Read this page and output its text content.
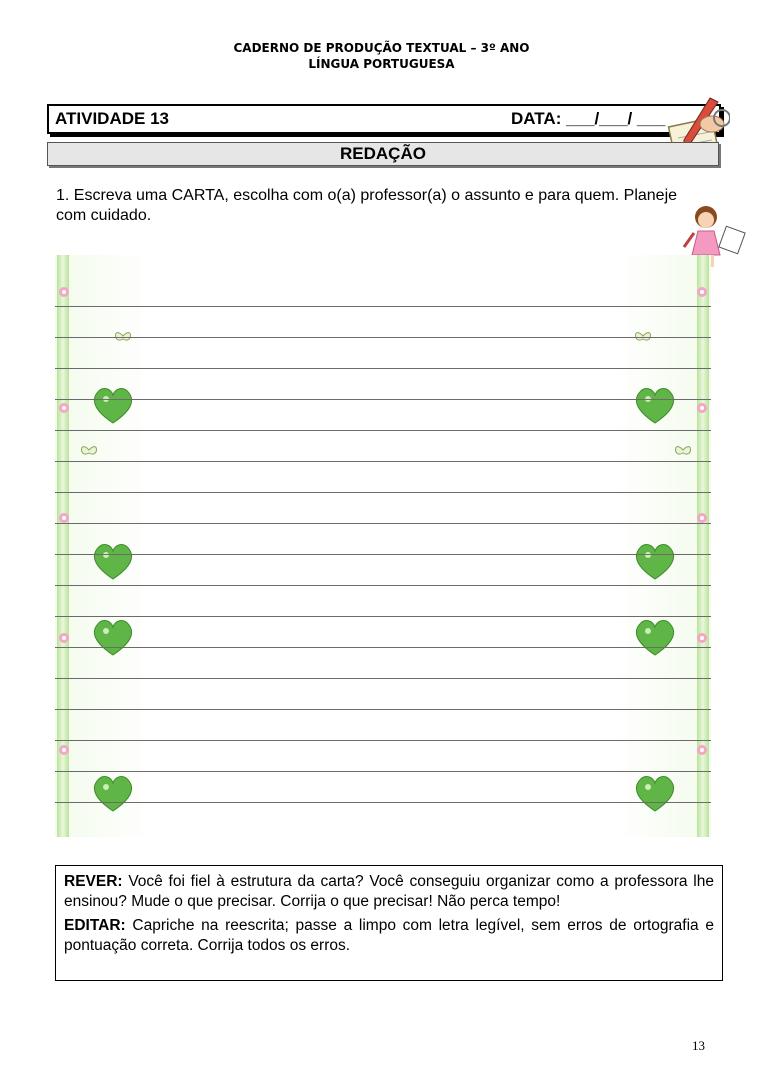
CADERNO DE PRODUÇÃO TEXTUAL – 3º ANO
LÍNGUA PORTUGUESA
ATIVIDADE 13	DATA: ___/___/ ___
REDAÇÃO
1. Escreva uma CARTA, escolha com o(a) professor(a) o assunto e para quem. Planeje com cuidado.

REVER: Você foi fiel à estrutura da carta? Você conseguiu organizar como a professora lhe ensinou? Mude o que precisar. Corrija o que precisar! Não perca tempo!

EDITAR: Capriche na reescrita; passe a limpo com letra legível, sem erros de ortografia e pontuação correta. Corrija todos os erros.

13
